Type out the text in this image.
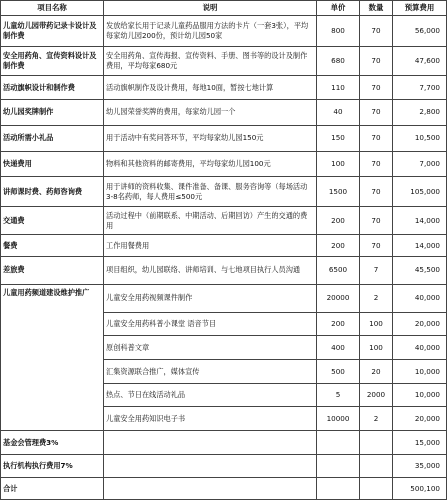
项目名称	说明	单价	数量	预算费用
儿童幼儿园带药记录卡设计及制作费	发放给家长用于记录儿童药品服用方法的卡片（一套3张），平均每家幼儿园200份，预计幼儿园50家	800	70	56,000
安全用药角、宣传资料设计及制作费	安全用药角、宣传海报、宣传资料、手册、图书等的设计及制作费用，平均每家680元	680	70	47,600
活动旗帜设计和制作费	活动旗帜制作及设计费用，每地10面，暂按七地计算	110	70	7,700
幼儿园奖牌制作	幼儿园荣誉奖牌的费用，每家幼儿园一个	40	70	2,800
活动所需小礼品	用于活动中有奖问答环节，平均每家幼儿园150元	150	70	10,500
快递费用	物料和其他资料的邮寄费用，平均每家幼儿园100元	100	70	7,000
讲师课时费、药师咨询费	用于讲师的资料收集、课件准备、备课、服务咨询等（每场活动3-8名药师，每人费用≤500元	1500	70	105,000
交通费	活动过程中（前期联系、中期活动、后期回访）产生的交通的费用	200	70	14,000
餐费	工作用餐费用	200	70	14,000
差旅费	项目组织，幼儿园联络、讲师培训、与七地项目执行人员沟通	6500	7	45,500
儿童用药频道建设维护推广	儿童安全用药视频课件制作	20000	2	40,000
	儿童安全用药科普小课堂 语音节目	200	100	20,000
	原创科普文章	400	100	40,000
	汇集资源联合推广，媒体宣传	500	20	10,000
	热点、节日在线活动礼品	5	2000	10,000
	儿童安全用药知识电子书	10000	2	20,000
基金会管理费3%				15,000
执行机构执行费用7%				35,000
合计				500,100
